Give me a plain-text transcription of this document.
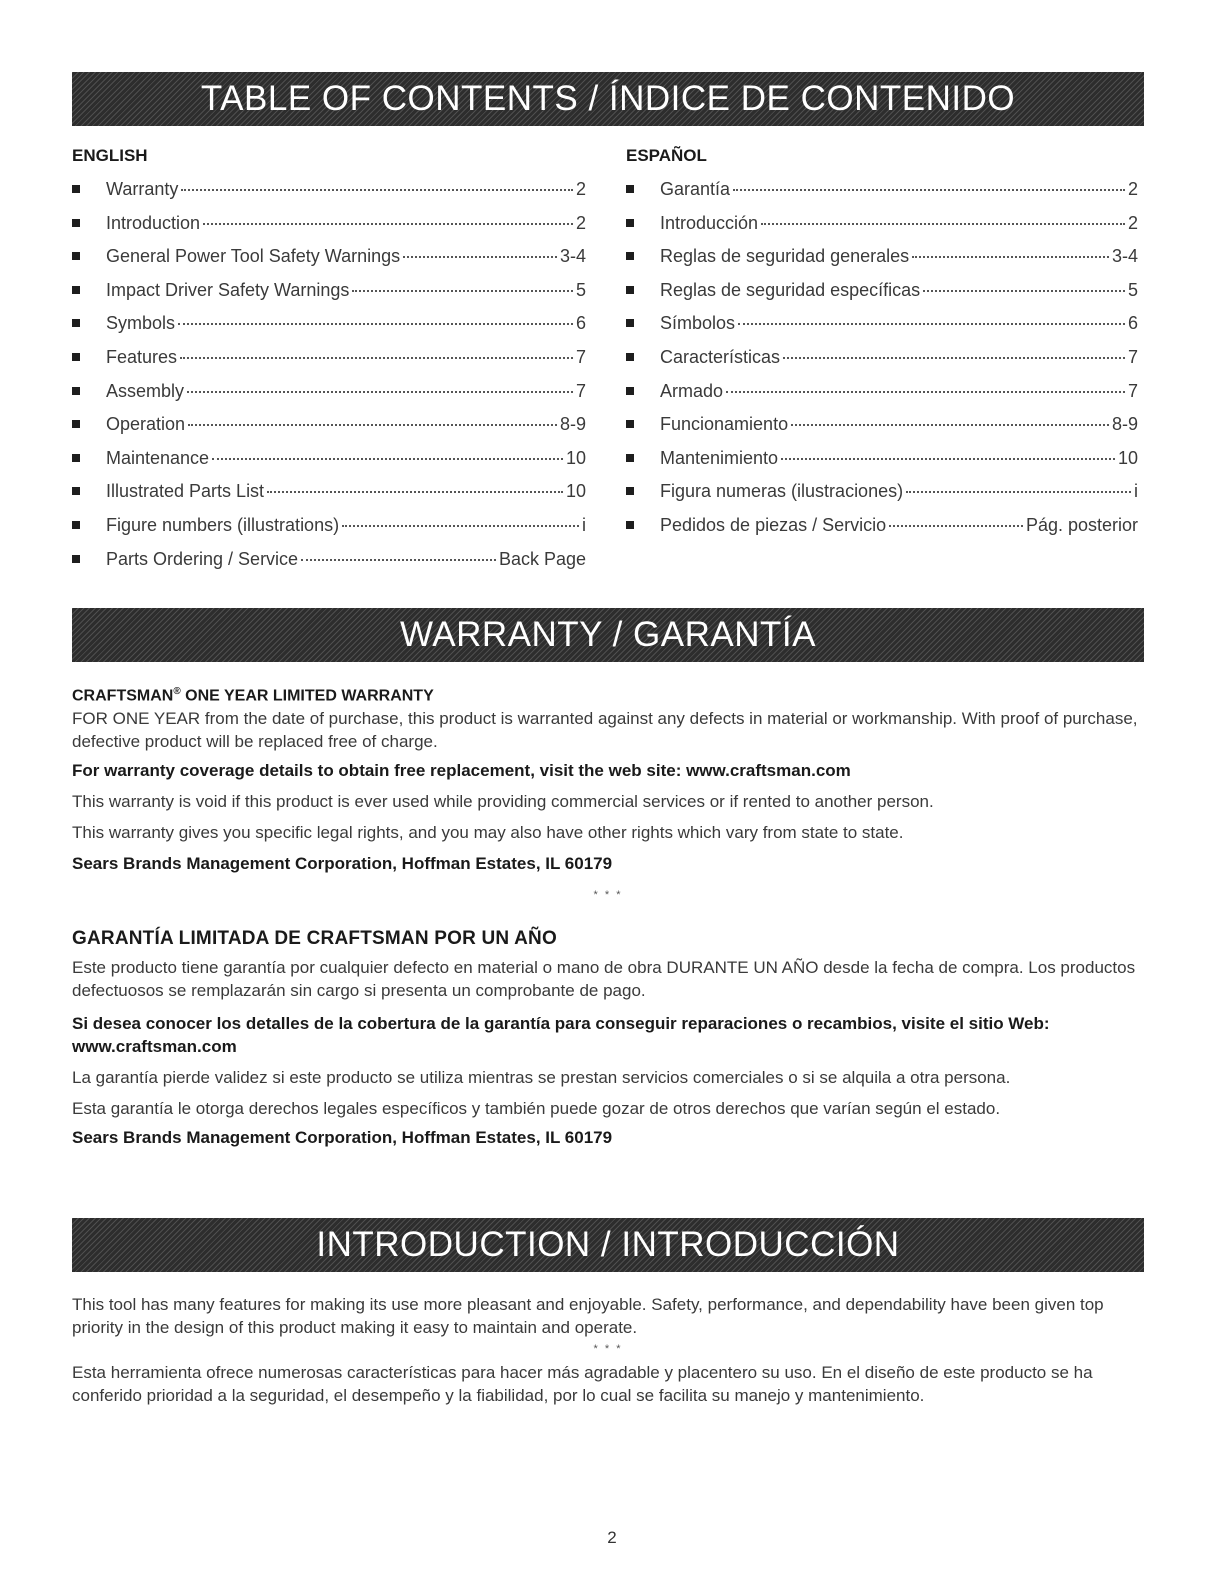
TABLE OF CONTENTS / ÍNDICE DE CONTENIDO
ENGLISH
Warranty	2
Introduction	2
General Power Tool Safety Warnings	3-4
Impact Driver Safety Warnings	5
Symbols	6
Features	7
Assembly	7
Operation	8-9
Maintenance	10
Illustrated Parts List	10
Figure numbers (illustrations)	i
Parts Ordering / Service	Back Page
ESPAÑOL
Garantía	2
Introducción	2
Reglas de seguridad generales	3-4
Reglas de seguridad específicas	5
Símbolos	6
Características	7
Armado	7
Funcionamiento	8-9
Mantenimiento	10
Figura numeras (ilustraciones)	i
Pedidos de piezas / Servicio	Pág. posterior
WARRANTY / GARANTÍA

CRAFTSMAN® ONE YEAR LIMITED WARRANTY

FOR ONE YEAR from the date of purchase, this product is warranted against any defects in material or workmanship. With proof of purchase, defective product will be replaced free of charge.

For warranty coverage details to obtain free replacement, visit the web site: www.craftsman.com

This warranty is void if this product is ever used while providing commercial services or if rented to another person.

This warranty gives you specific legal rights, and you may also have other rights which vary from state to state.

Sears Brands Management Corporation, Hoffman Estates, IL 60179

* * *

GARANTÍA LIMITADA DE CRAFTSMAN POR UN AÑO

Este producto tiene garantía por cualquier defecto en material o mano de obra DURANTE UN AÑO desde la fecha de compra. Los productos defectuosos se remplazarán sin cargo si presenta un comprobante de pago.

Si desea conocer los detalles de la cobertura de la garantía para conseguir reparaciones o recambios, visite el sitio Web: www.craftsman.com

La garantía pierde validez si este producto se utiliza mientras se prestan servicios comerciales o si se alquila a otra persona.

Esta garantía le otorga derechos legales específicos y también puede gozar de otros derechos que varían según el estado.

Sears Brands Management Corporation, Hoffman Estates, IL 60179

INTRODUCTION / INTRODUCCIÓN

This tool has many features for making its use more pleasant and enjoyable. Safety, performance, and dependability have been given top priority in the design of this product making it easy to maintain and operate.

* * *

Esta herramienta ofrece numerosas características para hacer más agradable y placentero su uso. En el diseño de este producto se ha conferido prioridad a la seguridad, el desempeño y la fiabilidad, por lo cual se facilita su manejo y mantenimiento.

2
